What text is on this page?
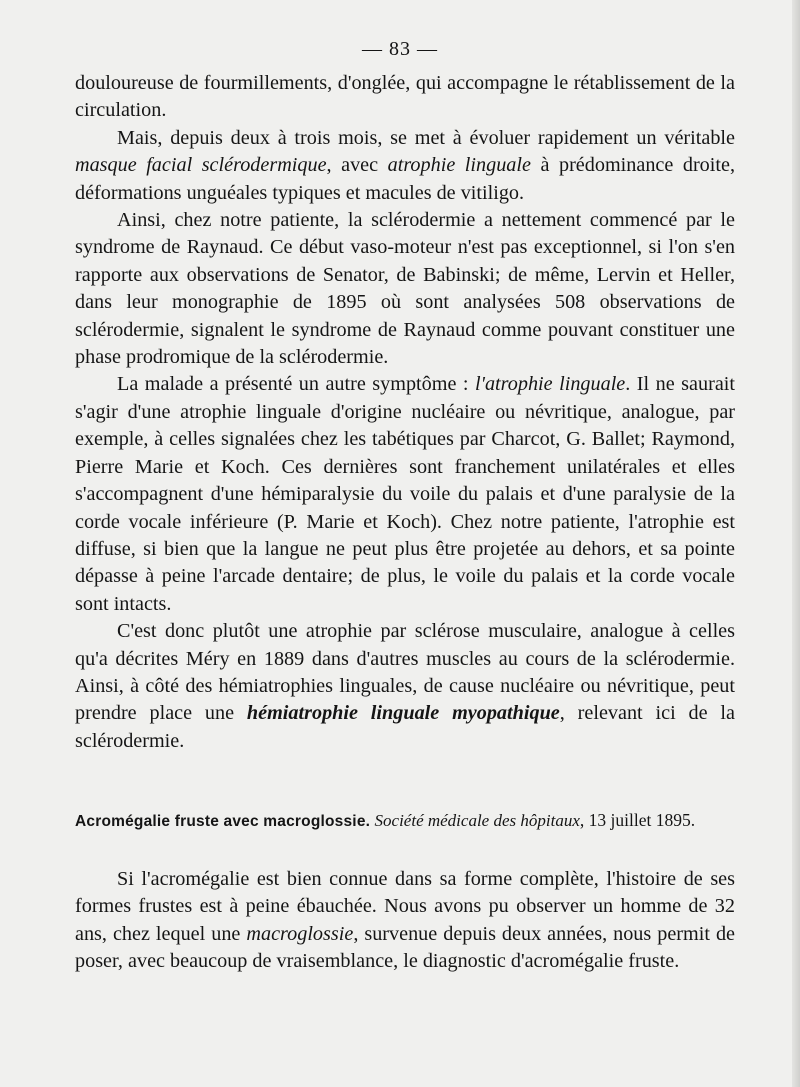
— 83 —

douloureuse de fourmillements, d'onglée, qui accompagne le rétablissement de la circulation.

Mais, depuis deux à trois mois, se met à évoluer rapidement un véritable masque facial sclérodermique, avec atrophie linguale à prédominance droite, déformations unguéales typiques et macules de vitiligo.

Ainsi, chez notre patiente, la sclérodermie a nettement commencé par le syndrome de Raynaud. Ce début vaso-moteur n'est pas exceptionnel, si l'on s'en rapporte aux observations de Senator, de Babinski; de même, Lervin et Heller, dans leur monographie de 1895 où sont analysées 508 observations de sclérodermie, signalent le syndrome de Raynaud comme pouvant constituer une phase prodromique de la sclérodermie.

La malade a présenté un autre symptôme : l'atrophie linguale. Il ne saurait s'agir d'une atrophie linguale d'origine nucléaire ou névritique, analogue, par exemple, à celles signalées chez les tabétiques par Charcot, G. Ballet; Raymond, Pierre Marie et Koch. Ces dernières sont franchement unilatérales et elles s'accompagnent d'une hémiparalysie du voile du palais et d'une paralysie de la corde vocale inférieure (P. Marie et Koch). Chez notre patiente, l'atrophie est diffuse, si bien que la langue ne peut plus être projetée au dehors, et sa pointe dépasse à peine l'arcade dentaire; de plus, le voile du palais et la corde vocale sont intacts.

C'est donc plutôt une atrophie par sclérose musculaire, analogue à celles qu'a décrites Méry en 1889 dans d'autres muscles au cours de la sclérodermie. Ainsi, à côté des hémiatrophies linguales, de cause nucléaire ou névritique, peut prendre place une hémiatrophie linguale myopathique, relevant ici de la sclérodermie.

Acromégalie fruste avec macroglossie. Société médicale des hôpitaux, 13 juillet 1895.

Si l'acromégalie est bien connue dans sa forme complète, l'histoire de ses formes frustes est à peine ébauchée. Nous avons pu observer un homme de 32 ans, chez lequel une macroglossie, survenue depuis deux années, nous permit de poser, avec beaucoup de vraisemblance, le diagnostic d'acromégalie fruste.
